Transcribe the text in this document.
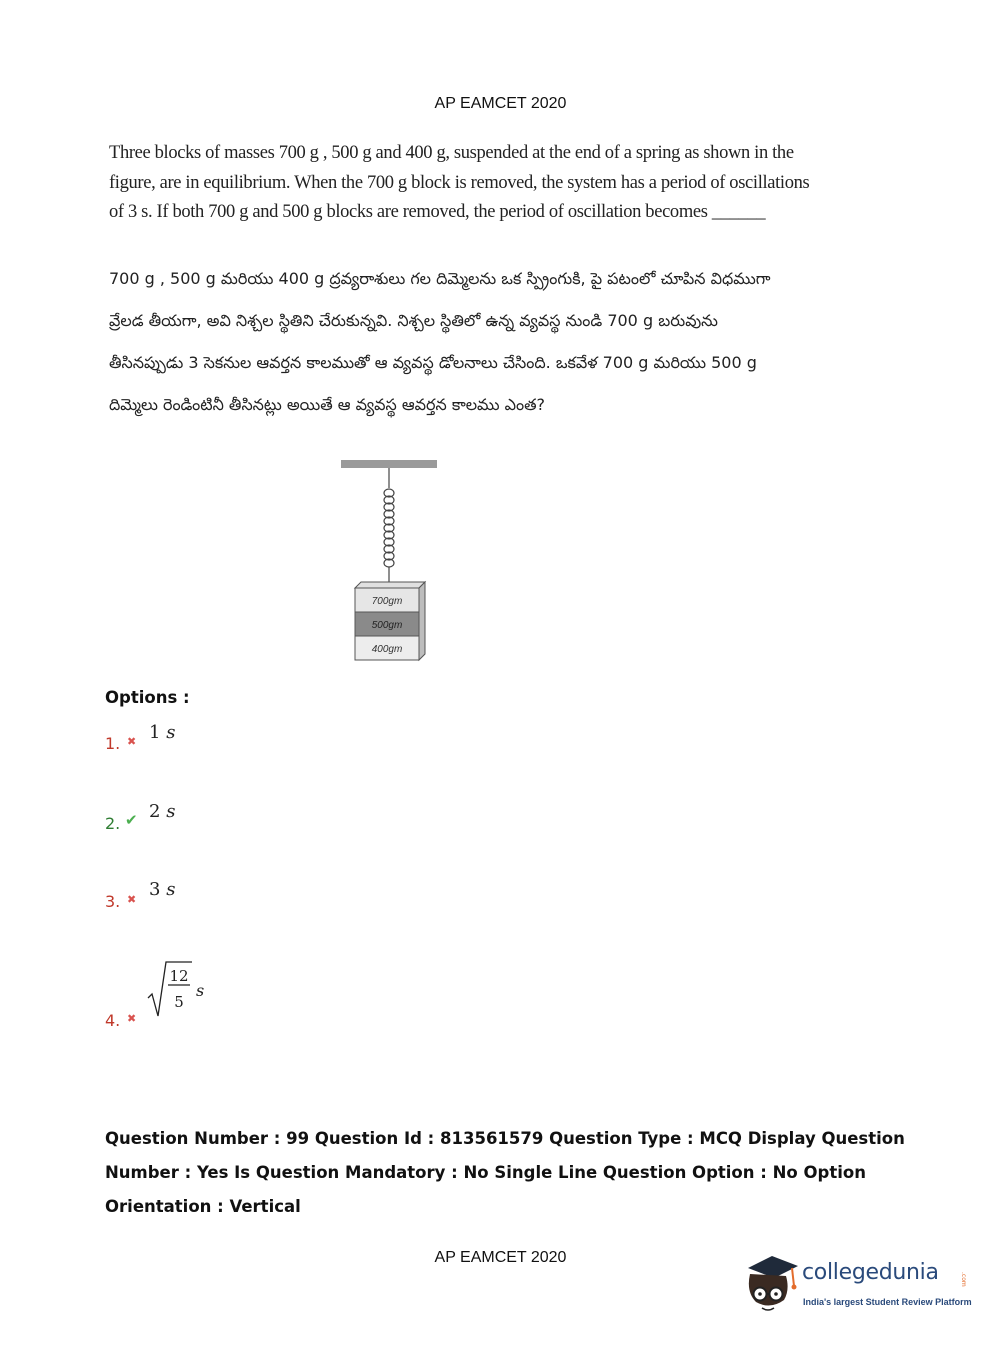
AP EAMCET 2020

Three blocks of masses 700 g , 500 g and 400 g, suspended at the end of a spring as shown in the

figure, are in equilibrium. When the 700 g block is removed, the system has a period of oscillations

of 3 s. If both 700 g and 500 g blocks are removed, the period of oscillation becomes ______

700 g , 500 g మరియు 400 g ద్రవ్యరాశులు గల దిమ్మెలను ఒక స్ప్రింగుకి, పై పటంలో చూపిన విధముగా

వ్రేలడ తీయగా, అవి నిశ్చల స్థితిని చేరుకున్నవి. నిశ్చల స్థితిలో ఉన్న వ్యవస్థ నుండి 700 g బరువును

తీసినప్పుడు 3 సెకనుల ఆవర్తన కాలముతో ఆ వ్యవస్థ డోలనాలు చేసింది. ఒకవేళ 700 g మరియు 500 g

దిమ్మెలు రెండింటినీ తీసినట్లు అయితే ఆ వ్యవస్థ ఆవర్తన కాలము ఎంత?

700gm
500gm
400gm
Options :
1. ✖ 1 s
2. ✔ 2 s
3. ✖ 3 s
4. ✖
12
5
s

Question Number : 99 Question Id : 813561579 Question Type : MCQ Display Question

Number : Yes Is Question Mandatory : No Single Line Question Option : No Option

Orientation : Vertical

AP EAMCET 2020
collegedunia	.com
India's largest Student Review Platform
